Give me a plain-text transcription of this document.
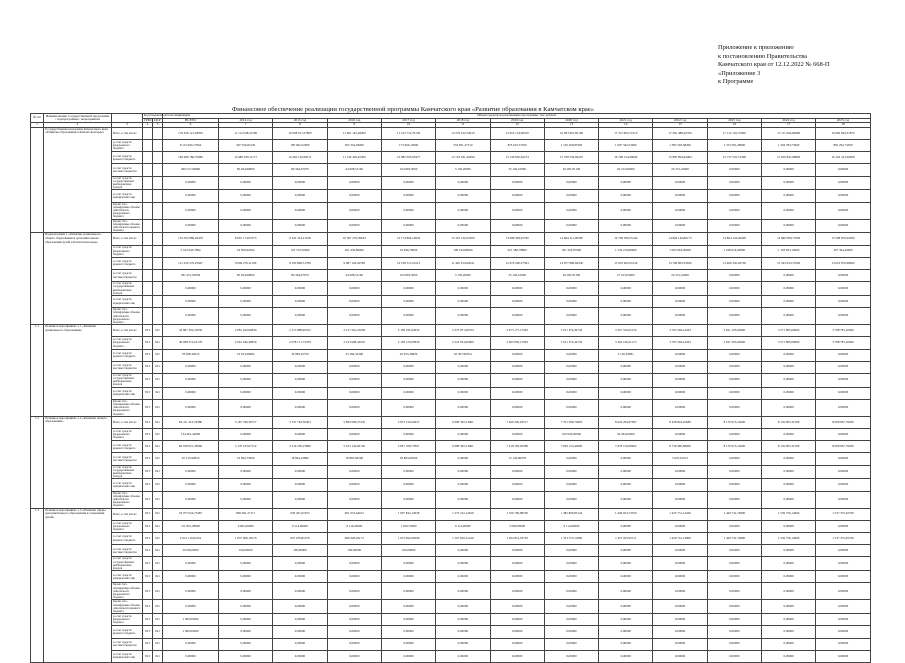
Приложение к приложению
к постановлению Правительства
Камчатского края от 12.12.2022 № 668-П
«Приложение 3
к Программе
Финансовое обеспечение реализации государственной программы Камчатского края «Развитие образования в Камчатском крае»
№ пп	Наименование государственной программы / подпрограммы / мероприятия		Код бюджетной классификации		Объем средств на реализацию программы, тыс.рублей												
			ГРБС	ЦСР	ВСЕГО	2014 год	2015 год	2016 год	2017 год	2018 год	2019 год	2020 год	2021 год	2022 год	2023 год	2024 год	2025 год
1	2	3	4	5	6	7	8	9	10	11	12	13	14	15	16	17	18
	Государственная программа Камчатского края «Развитие образования в Камчатском крае»	Всего, в том числе:			179 459 121,28050	11 112 048,31590	10 958 917,27800	11 481 142,28200	11 163 712,79130	13 279 612,54910	15 953 154,99520	16 903 961,82190	17 315 903,71910	17 281 488,20700	17 112 145,37000	17 111 604,66800	16 982 694,31870
		за счет средств федерального бюджета			8 115 690,17964	297 594,82130	185 062,52000	302 334,29000	173 904,19000	532 851,27310	825 625,37050	1 136 369,85300	1 097 342,53000	1 385 593,58200	1 374 581,28900	1 304 784,73900	865 292,74500
		за счет средств краевого бюджета			169 066 786,70086	10 480 039,11177	10 462 120,08211	11 134 429,45500	10 885 005,00477	12 743 631,44290	15 136 830,62274	15 768 530,69470	16 198 154,69690	15 895 894,62484	15 737 532,51399	15 810 841,89800	16 102 413,26008
		за счет средств местных бюджетов			290 527,06960	85 924,96800	86 364,67079	44 908,51160	104 803,5000	3 130,20000	35 104,10900	26 281,81100	20 213,06900	24 331,23600	0,00000	0,00000	0,00000
		за счет средств государственных внебюджетных фондов			0,00000	0,00000	0,00000	0,00000	0,00000	0,00000	0,00000	0,00000	0,00000	0,00000	0,00000	0,00000	0,00000
		за счет средств юридических лиц			0,00000	0,00000	0,00000	0,00000	0,00000	0,00000	0,00000	0,00000	0,00000	0,00000	0,00000	0,00000	0,00000
		Кроме того, планируемые объемы обязательств федерального бюджета			0,00000	0,00000	0,00000	0,00000	0,00000	0,00000	0,00000	0,00000	0,00000	0,00000	0,00000	0,00000	0,00000
		Кроме того, планируемые объемы обязательств краевого бюджета			0,00000	0,00000	0,00000	0,00000	0,00000	0,00000	0,00000	0,00000	0,00000	0,00000	0,00000	0,00000	0,00000
	Подпрограмма 1 «Развитие дошкольного, общего образования и дополнительного образования детей в Камчатском крае»	Всего, в том числе:			152 354 989,29478	8 901 174,05375	9 341 314,21198	10 307 279,30643	10 174 804,10634	12 316 132,03300	13 098 309,45790	14 864 111,00180	14 709 306,23140	14 864 146,80173	14 864 124,26000	14 860 080,17000	15 508 870,02000
		за счет средств федерального бюджета			5 162 943,7894	24 956,92304	122 732,20000	291 436,80000	19 496,70000	198 194,80000	621 586,78800	301 322,87900	1 534 219,89000	1 093 663,29000	1 228 614,00000	1 103 823,10000	297 364,20000
		за счет средств краевого бюджета			151 254 579,25067	8 696 279,11190	9 193 898,51799	9 987 162,20583	10 108 515,21613	11 465 614,92041	12 676 290,27363	14 877 880,69430	13 935 902,63130	13 769 803,32830	13 406 345,26700	13 563 023,37600	13 619 876,68600
		за счет средств местных бюджетов			291 451,63039	85 924,96800	86 364,67079	44 908,51160	104 803,5000	3 130,20000	35 104,10900	26 281,81100	27 163,03900	24 331,23600	0,00000	0,00000	0,00000
		за счет средств государственных внебюджетных фондов			0,00000	0,00000	0,00000	0,00000	0,00000	0,00000	0,00000	0,00000	0,00000	0,00000	0,00000	0,00000	0,00000
		за счет средств юридических лиц			0,00000	0,00000	0,00000	0,00000	0,00000	0,00000	0,00000	0,00000	0,00000	0,00000	0,00000	0,00000	0,00000
		Кроме того, планируемые объемы обязательств федерального бюджета			0,00000	0,00000	0,00000	0,00000	0,00000	0,00000	0,00000	0,00000	0,00000	0,00000	0,00000	0,00000	0,00000
1.1	Основное мероприятие 1.1 «Развитие дошкольного образования»	Всего, в том числе:	813	021	34 897 392,31639	2 081 450,66839	2 113 888,60523	2 217 261,25609	2 158 181,02659	2 275 871,60554	2 673 177,17695	3 011 374,42743	3 367 316,65154	3 793 304,41263	3 621 105,60000	3 571 805,60000	3 788 781,20000
		за счет средств федерального бюджета	813	021	49 908 312,61178	2 061 646,40856	2 078 171,73478	2 213 068,43025	2 138 125,65830	2 210 814,00000	2 605 850,17695	3 011 374,42743	3 362 196,01173	3 793 304,41263	3 621 305,60000	3 571 805,60000	3 788 781,20000
		за счет средств краевого бюджета	813	021	78 928,34610	19 813,08484	34 985,45750	25 394,32300	20 055,36829	65 057,60554	0,00000	0,00000	5 120,63981	0,00000	0,00000	0,00000	0,00000
		за счет средств местных бюджетов	813	021	0,00000	0,00000	0,00000	0,00000	0,00000	0,00000	0,00000	0,00000	0,00000	0,00000	0,00000	0,00000	0,00000
		за счет средств государственных внебюджетных фондов	813	021	0,00000	0,00000	0,00000	0,00000	0,00000	0,00000	0,00000	0,00000	0,00000	0,00000	0,00000	0,00000	0,00000
		за счет средств юридических лиц	813	021	0,00000	0,00000	0,00000	0,00000	0,00000	0,00000	0,00000	0,00000	0,00000	0,00000	0,00000	0,00000	0,00000
		Кроме того, планируемые объемы обязательств федерального бюджета	813	021	0,00000	0,00000	0,00000	0,00000	0,00000	0,00000	0,00000	0,00000	0,00000	0,00000	0,00000	0,00000	0,00000
1.2	Основное мероприятие 1.2 «Развитие общего образования»	Всего, в том числе:	813	021	84 411 316,74980	5 187 796,36757	5 337 762,50363	5 892 009,27435	5 873 145,02637	6 098 362,23961	7 469 326,63517	7 701 286,74993	8 026 294,97097	8 428 824,25680	8 170 915,14600	8 156 905,31500	8 908 697,78200
		за счет средств федерального бюджета	813	021	134 401,42000	0,00000	0,00000	0,00000	0,00000	0,00000	0,00000	100 043,00000	34 434,00000	0,00000	0,00000	0,00000	0,00000
		за счет средств краевого бюджета	813	021	84 108 951,30966	5 170 103,67119	5 319 250,25896	5 913 145,60130	5 827 168,77867	6 088 362,23961	7 418 183,65589	7 629 123,44990	7 978 159,69002	8 736 485,68000	8 170 915,14600	8 156 905,31500	8 908 697,78200
		за счет средств местных бюджетов	813	021	65 123,92819	19 692,73000	18 864,10800	18 863,60500	18 863,60500	0,00000	15 143,00978	0,00000	0,00000	5 025,61915	0,00000	0,00000	0,00000
		за счет средств государственных внебюджетных фондов	813	021	0,00000	0,00000	0,00000	0,00000	0,00000	0,00000	0,00000	0,00000	0,00000	0,00000	0,00000	0,00000	0,00000
		за счет средств юридических лиц	813	021	0,00000	0,00000	0,00000	0,00000	0,00000	0,00000	0,00000	0,00000	0,00000	0,00000	0,00000	0,00000	0,00000
		Кроме того, планируемые объемы обязательств федерального бюджета	813	021	0,00000	0,00000	0,00000	0,00000	0,00000	0,00000	0,00000	0,00000	0,00000	0,00000	0,00000	0,00000	0,00000
1.3	Основное мероприятие 1.3 «Развитие сферы дополнительного образования в отношении детей»	Всего, в том числе:	813	021	18 075 654,73487	869 091,27117	930 201,97453	901 974,64012	1 007 842,12958	1 275 102,14919	1 326 709,98530	1 382 890,81544	1 440 654,73350	1 425 731,14420	1 429 741,74800	1 539 756,14600	1 537 375,02700
		за счет средств федерального бюджета	813	021	111 801,28000	9 665,69000	9 114,00000	9 114,00000	1 059,76000	9 114,00000	3 099,00000	9 114,00000	0,00000	0,00000	0,00000	0,00000	0,00000
		за счет средств краевого бюджета	813	021	2 912 110,94119	1 837 000,18170	847 076,81079	909 428,20172	1 072 092,00599	1 167 810,21419	1 262 814,18750	1 351 573,11800	1 457 025,95111	1 429 741,14800	1 429 741,74800	1 539 756,14600	1 537 375,02700
		за счет средств местных бюджетов	813	021	50 000,0000	100,00000	100,00000	100,00000	100,00000	0,00000	0,00000	0,00000	0,00000	0,00000	0,00000	0,00000	0,00000
		за счет средств государственных внебюджетных фондов	813	021	0,00000	0,00000	0,00000	0,00000	0,00000	0,00000	0,00000	0,00000	0,00000	0,00000	0,00000	0,00000	0,00000
		за счет средств юридических лиц	813	021	0,00000	0,00000	0,00000	0,00000	0,00000	0,00000	0,00000	0,00000	0,00000	0,00000	0,00000	0,00000	0,00000
		Кроме того, планируемые объемы обязательств федерального бюджета	813	021	0,00000	0,00000	0,00000	0,00000	0,00000	0,00000	0,00000	0,00000	0,00000	0,00000	0,00000	0,00000	0,00000
		Кроме того, планируемые объемы обязательств краевого бюджета	813	021	0,00000	0,00000	0,00000	0,00000	0,00000	0,00000	0,00000	0,00000	0,00000	0,00000	0,00000	0,00000	0,00000
		за счет средств федерального бюджета	813	021	1 000,00000	0,00000	0,00000	0,00000	0,00000	0,00000	0,00000	0,00000	0,00000	0,00000	0,00000	0,00000	0,00000
		за счет средств краевого бюджета	813	021	1 000,00000	0,00000	0,00000	0,00000	0,00000	0,00000	0,00000	0,00000	0,00000	0,00000	0,00000	0,00000	0,00000
		за счет средств местных бюджетов	813	021	0,00000	0,00000	0,00000	0,00000	0,00000	0,00000	0,00000	0,00000	0,00000	0,00000	0,00000	0,00000	0,00000
		за счет средств юридических лиц	813	021	0,00000	0,00000	0,00000	0,00000	0,00000	0,00000	0,00000	0,00000	0,00000	0,00000	0,00000	0,00000	0,00000
